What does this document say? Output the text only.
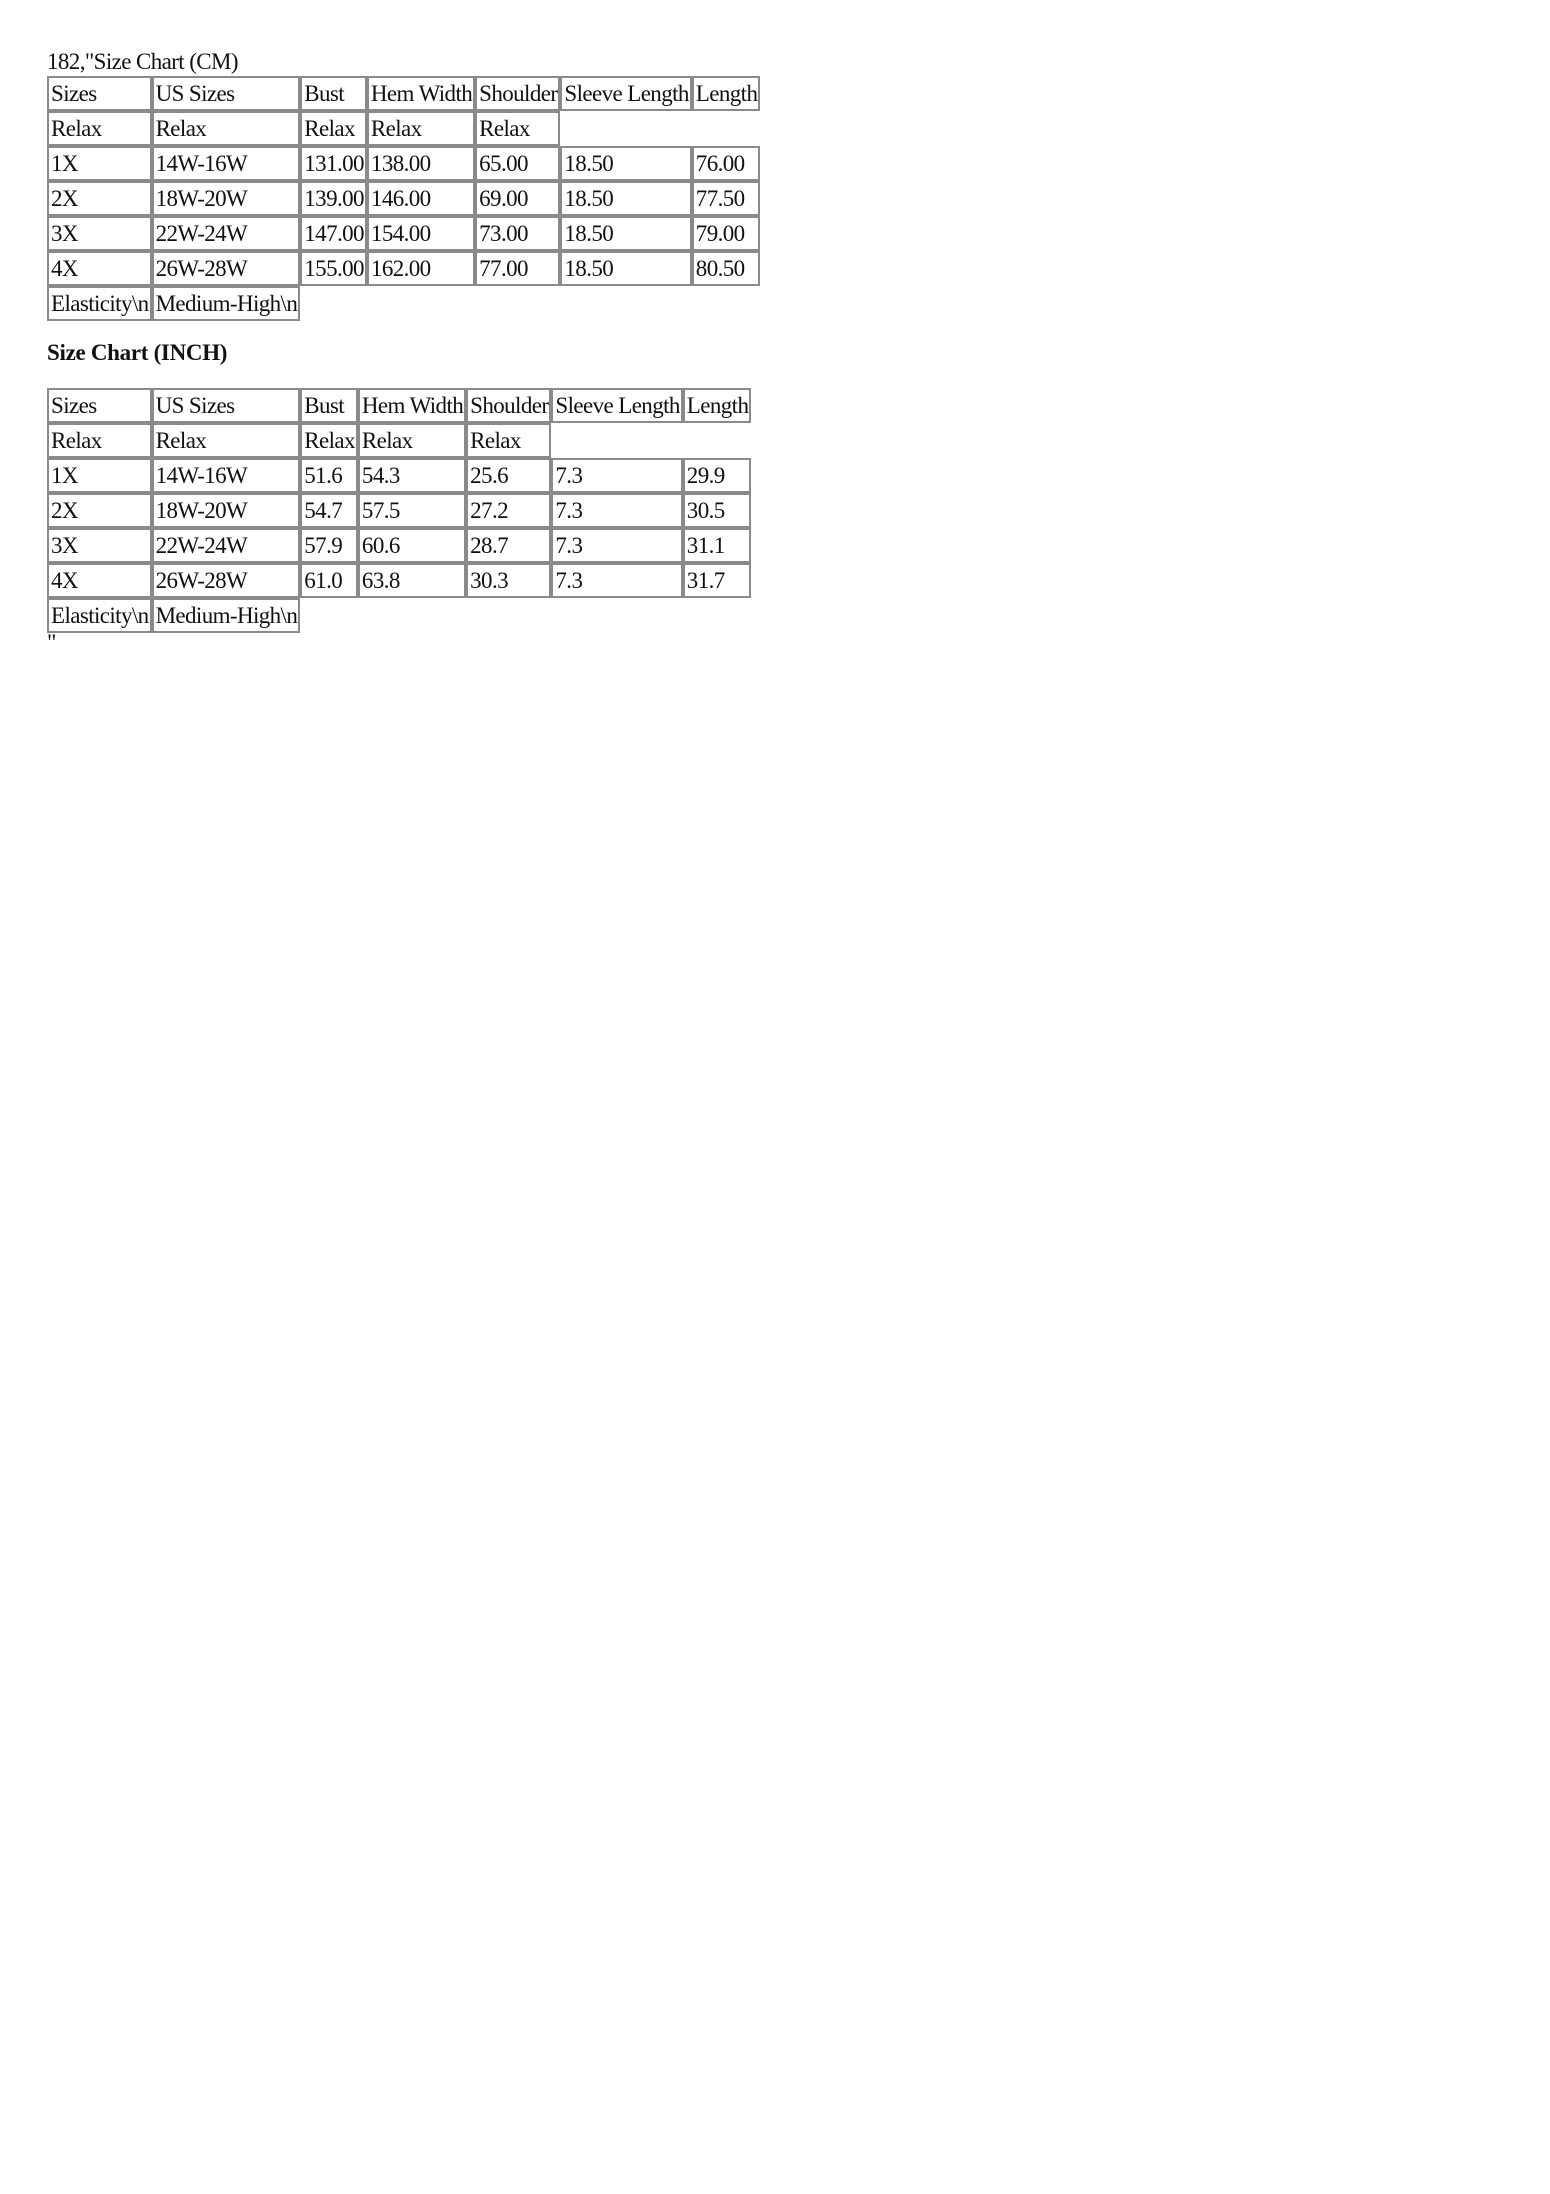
182,"Size Chart (CM)
Sizes	US Sizes	Bust	Hem Width	Shoulder	Sleeve Length	Length
Relax	Relax	Relax	Relax	Relax		
1X	14W-16W	131.00	138.00	65.00	18.50	76.00
2X	18W-20W	139.00	146.00	69.00	18.50	77.50
3X	22W-24W	147.00	154.00	73.00	18.50	79.00
4X	26W-28W	155.00	162.00	77.00	18.50	80.50
Elasticity\n	Medium-High\n					
Size Chart (INCH)
Sizes	US Sizes	Bust	Hem Width	Shoulder	Sleeve Length	Length
Relax	Relax	Relax	Relax	Relax		
1X	14W-16W	51.6	54.3	25.6	7.3	29.9
2X	18W-20W	54.7	57.5	27.2	7.3	30.5
3X	22W-24W	57.9	60.6	28.7	7.3	31.1
4X	26W-28W	61.0	63.8	30.3	7.3	31.7
Elasticity\n	Medium-High\n					
"
